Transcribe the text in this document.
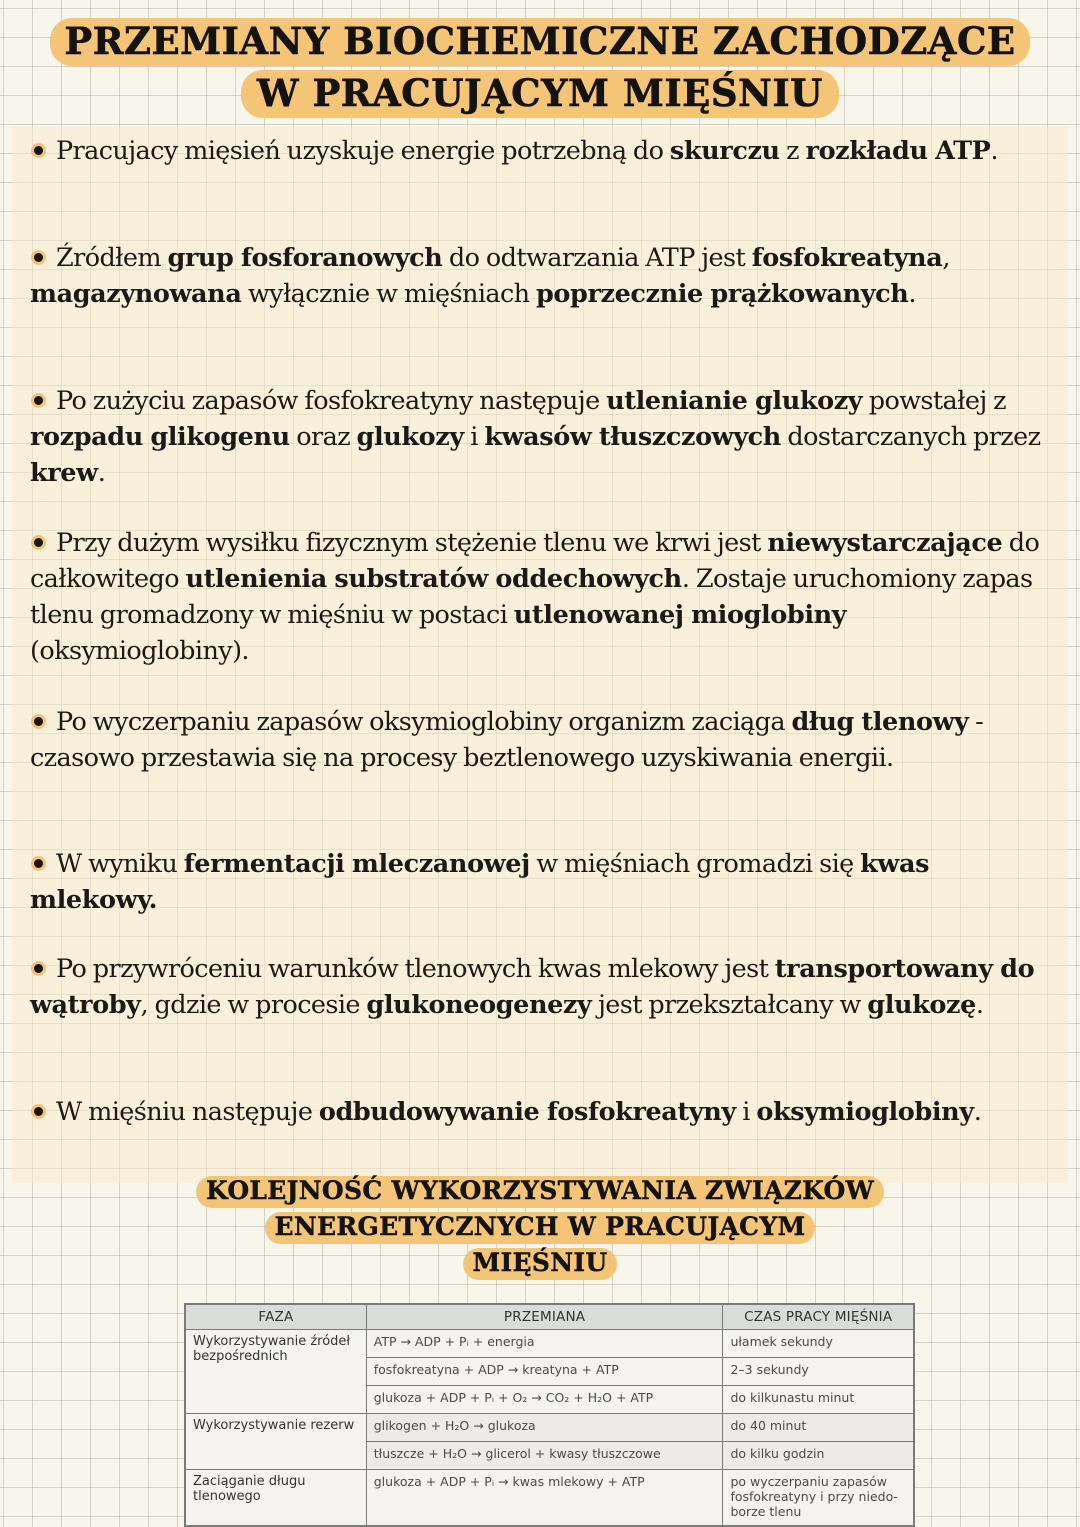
PRZEMIANY BIOCHEMICZNE ZACHODZĄCE
W PRACUJĄCYM MIĘŚNIU
Pracujacy mięsień uzyskuje energie potrzebną do skurczu z rozkładu ATP.
Źródłem grup fosforanowych do odtwarzania ATP jest fosfokreatyna, magazynowana wyłącznie w mięśniach poprzecznie prążkowanych.
Po zużyciu zapasów fosfokreatyny następuje utlenianie glukozy powstałej z rozpadu glikogenu oraz glukozy i kwasów tłuszczowych dostarczanych przez krew.
Przy dużym wysiłku fizycznym stężenie tlenu we krwi jest niewystarczające do całkowitego utlenienia substratów oddechowych. Zostaje uruchomiony zapas tlenu gromadzony w mięśniu w postaci utlenowanej mioglobiny (oksymioglobiny).
Po wyczerpaniu zapasów oksymioglobiny organizm zaciąga dług tlenowy - czasowo przestawia się na procesy beztlenowego uzyskiwania energii.
W wyniku fermentacji mleczanowej w mięśniach gromadzi się kwas mlekowy.
Po przywróceniu warunków tlenowych kwas mlekowy jest transportowany do wątroby, gdzie w procesie glukoneogenezy jest przekształcany w glukozę.
W mięśniu następuje odbudowywanie fosfokreatyny i oksymioglobiny.
KOLEJNOŚĆ WYKORZYSTYWANIA ZWIĄZKÓW
ENERGETYCZNYCH W PRACUJĄCYM
MIĘŚNIU
FAZA	PRZEMIANA	CZAS PRACY MIĘŚNIA
Wykorzystywanie źródeł bezpośrednich	ATP → ADP + Pᵢ + energia	ułamek sekundy
	fosfokreatyna + ADP → kreatyna + ATP	2–3 sekundy
	glukoza + ADP + Pᵢ + O₂ → CO₂ + H₂O + ATP	do kilkunastu minut
Wykorzystywanie rezerw	glikogen + H₂O → glukoza	do 40 minut
	tłuszcze + H₂O → glicerol + kwasy tłuszczowe	do kilku godzin
Zaciąganie długu tlenowego	glukoza + ADP + Pᵢ → kwas mlekowy + ATP	po wyczerpaniu zapasów fosfokreatyny i przy niedoborze tlenu
